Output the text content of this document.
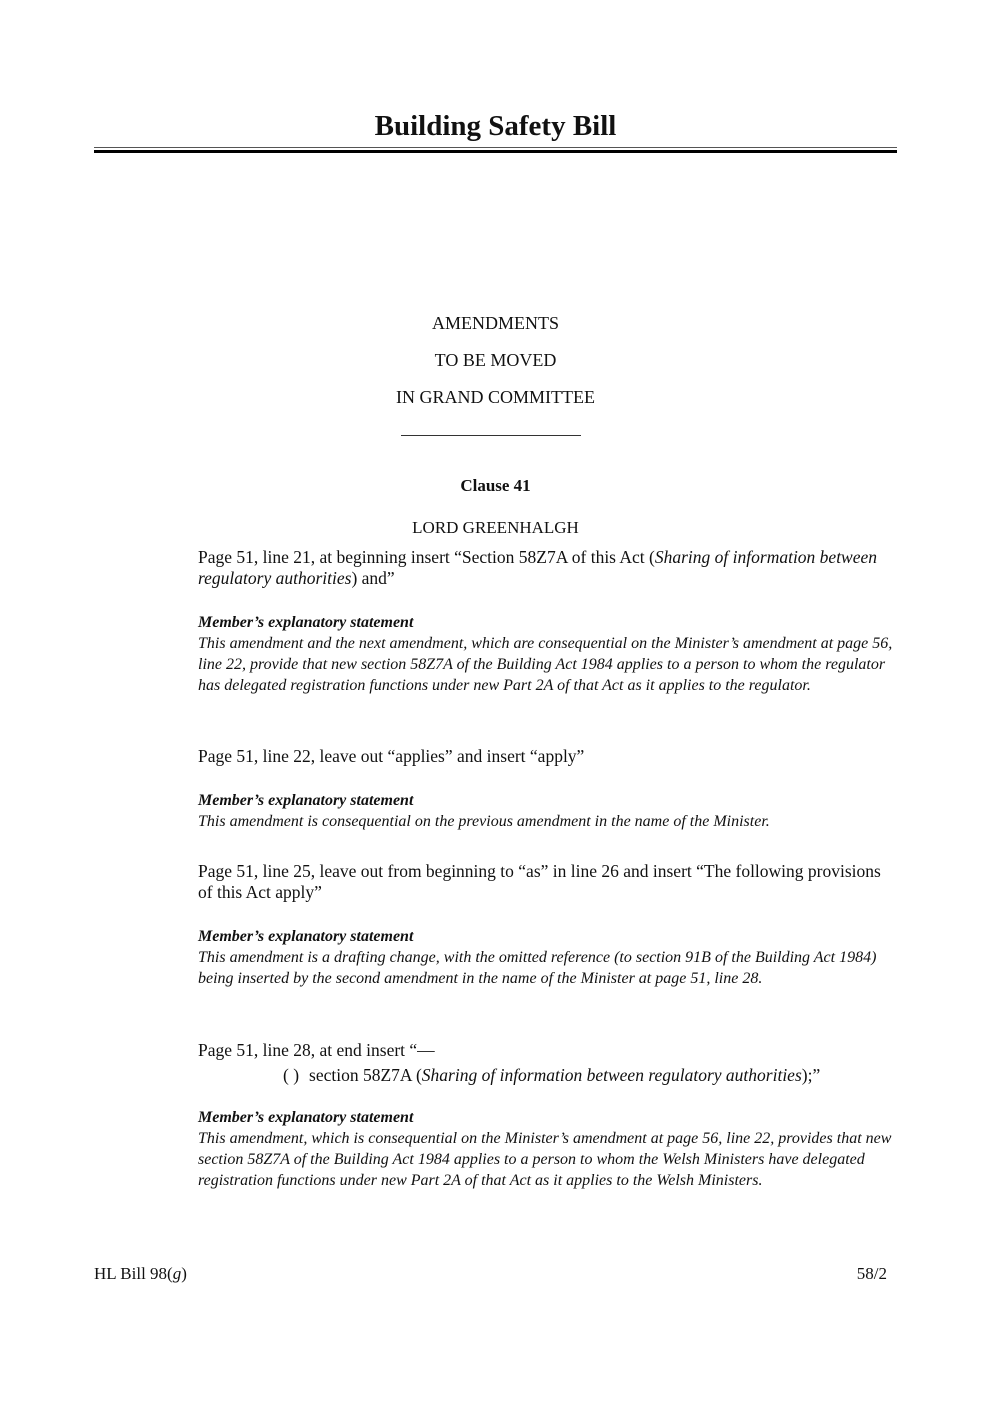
Building Safety Bill
AMENDMENTS
TO BE MOVED
IN GRAND COMMITTEE
Clause 41
LORD GREENHALGH
Page 51, line 21, at beginning insert “Section 58Z7A of this Act (Sharing of information between regulatory authorities) and”
Member’s explanatory statement
This amendment and the next amendment, which are consequential on the Minister’s amendment at page 56, line 22, provide that new section 58Z7A of the Building Act 1984 applies to a person to whom the regulator has delegated registration functions under new Part 2A of that Act as it applies to the regulator.
Page 51, line 22, leave out “applies” and insert “apply”
Member’s explanatory statement
This amendment is consequential on the previous amendment in the name of the Minister.
Page 51, line 25, leave out from beginning to “as” in line 26 and insert “The following provisions of this Act apply”
Member’s explanatory statement
This amendment is a drafting change, with the omitted reference (to section 91B of the Building Act 1984) being inserted by the second amendment in the name of the Minister at page 51, line 28.
Page 51, line 28, at end insert “—
( ) section 58Z7A (Sharing of information between regulatory authorities);”
Member’s explanatory statement
This amendment, which is consequential on the Minister’s amendment at page 56, line 22, provides that new section 58Z7A of the Building Act 1984 applies to a person to whom the Welsh Ministers have delegated registration functions under new Part 2A of that Act as it applies to the Welsh Ministers.
HL Bill 98(g)	58/2
